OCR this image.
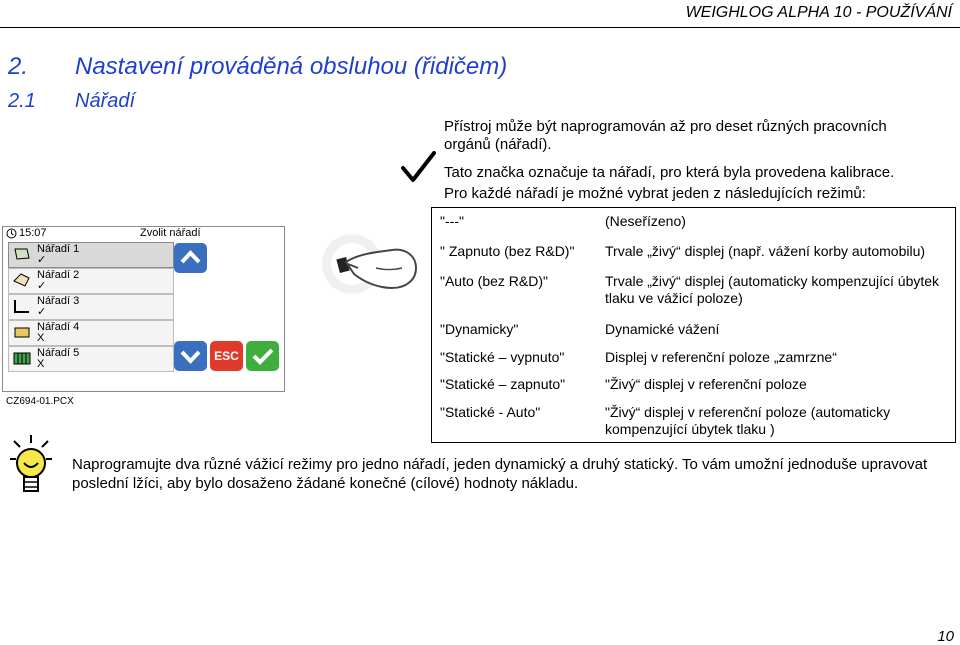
WEIGHLOG ALPHA 10 - POUŽÍVÁNÍ
2. Nastavení prováděná obsluhou (řidičem)
2.1 Nářadí
Přístroj může být naprogramován až pro deset různých pracovních
orgánů (nářadí).
Tato značka označuje ta nářadí, pro která byla provedena kalibrace.
Pro každé nářadí je možné vybrat jeden z následujících režimů:
"---"	(Neseřízeno)
" Zapnuto (bez R&D)"	Trvale „živý“ displej (např. vážení korby automobilu)
"Auto (bez R&D)"	Trvale „živý“ displej (automaticky kompenzující úbytek tlaku ve vážicí poloze)
"Dynamicky"	Dynamické vážení
"Statické – vypnuto"	Displej v referenční poloze „zamrzne“
"Statické – zapnuto"	"Živý“ displej v referenční poloze
"Statické - Auto"	"Živý“ displej v referenční poloze (automaticky kompenzující úbytek tlaku )
15:07	Zvolit nářadí
Nářadí 1
✓
Nářadí 2
✓
Nářadí 3
✓
Nářadí 4
X
Nářadí 5
X
ESC
CZ694-01.PCX
Naprogramujte dva různé vážicí režimy pro jedno nářadí, jeden dynamický a druhý statický. To vám umožní jednoduše upravovat poslední lžíci, aby bylo dosaženo žádané konečné (cílové) hodnoty nákladu.
10
